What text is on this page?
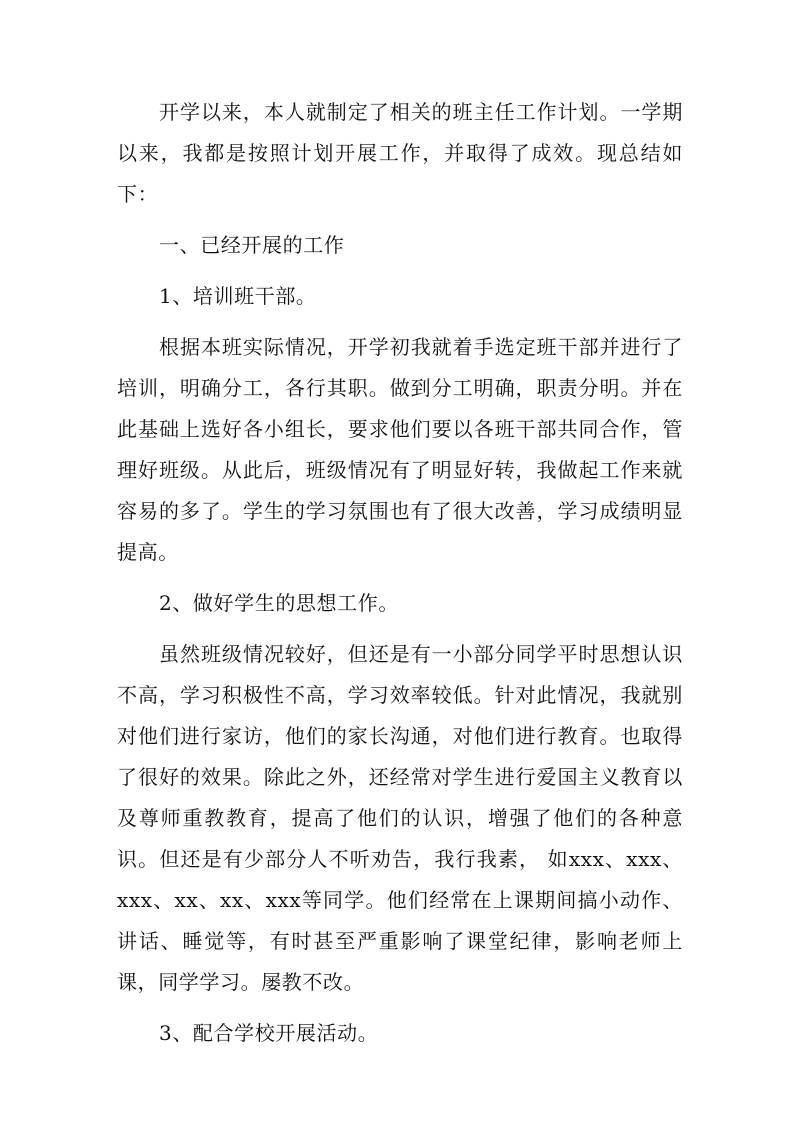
开学以来，本人就制定了相关的班主任工作计划。一学期以来，我都是按照计划开展工作，并取得了成效。现总结如下：

一、已经开展的工作

1、培训班干部。

根据本班实际情况，开学初我就着手选定班干部并进行了培训，明确分工，各行其职。做到分工明确，职责分明。并在此基础上选好各小组长，要求他们要以各班干部共同合作，管理好班级。从此后，班级情况有了明显好转，我做起工作来就容易的多了。学生的学习氛围也有了很大改善，学习成绩明显提高。

2、做好学生的思想工作。

虽然班级情况较好，但还是有一小部分同学平时思想认识不高，学习积极性不高，学习效率较低。针对此情况，我就别对他们进行家访，他们的家长沟通，对他们进行教育。也取得了很好的效果。除此之外，还经常对学生进行爱国主义教育以及尊师重教教育，提高了他们的认识，增强了他们的各种意识。但还是有少部分人不听劝告，我行我素， 如xxx、xxx、xxx、xx、xx、xxx等同学。他们经常在上课期间搞小动作、讲话、睡觉等，有时甚至严重影响了课堂纪律，影响老师上课，同学学习。屡教不改。

3、配合学校开展活动。
